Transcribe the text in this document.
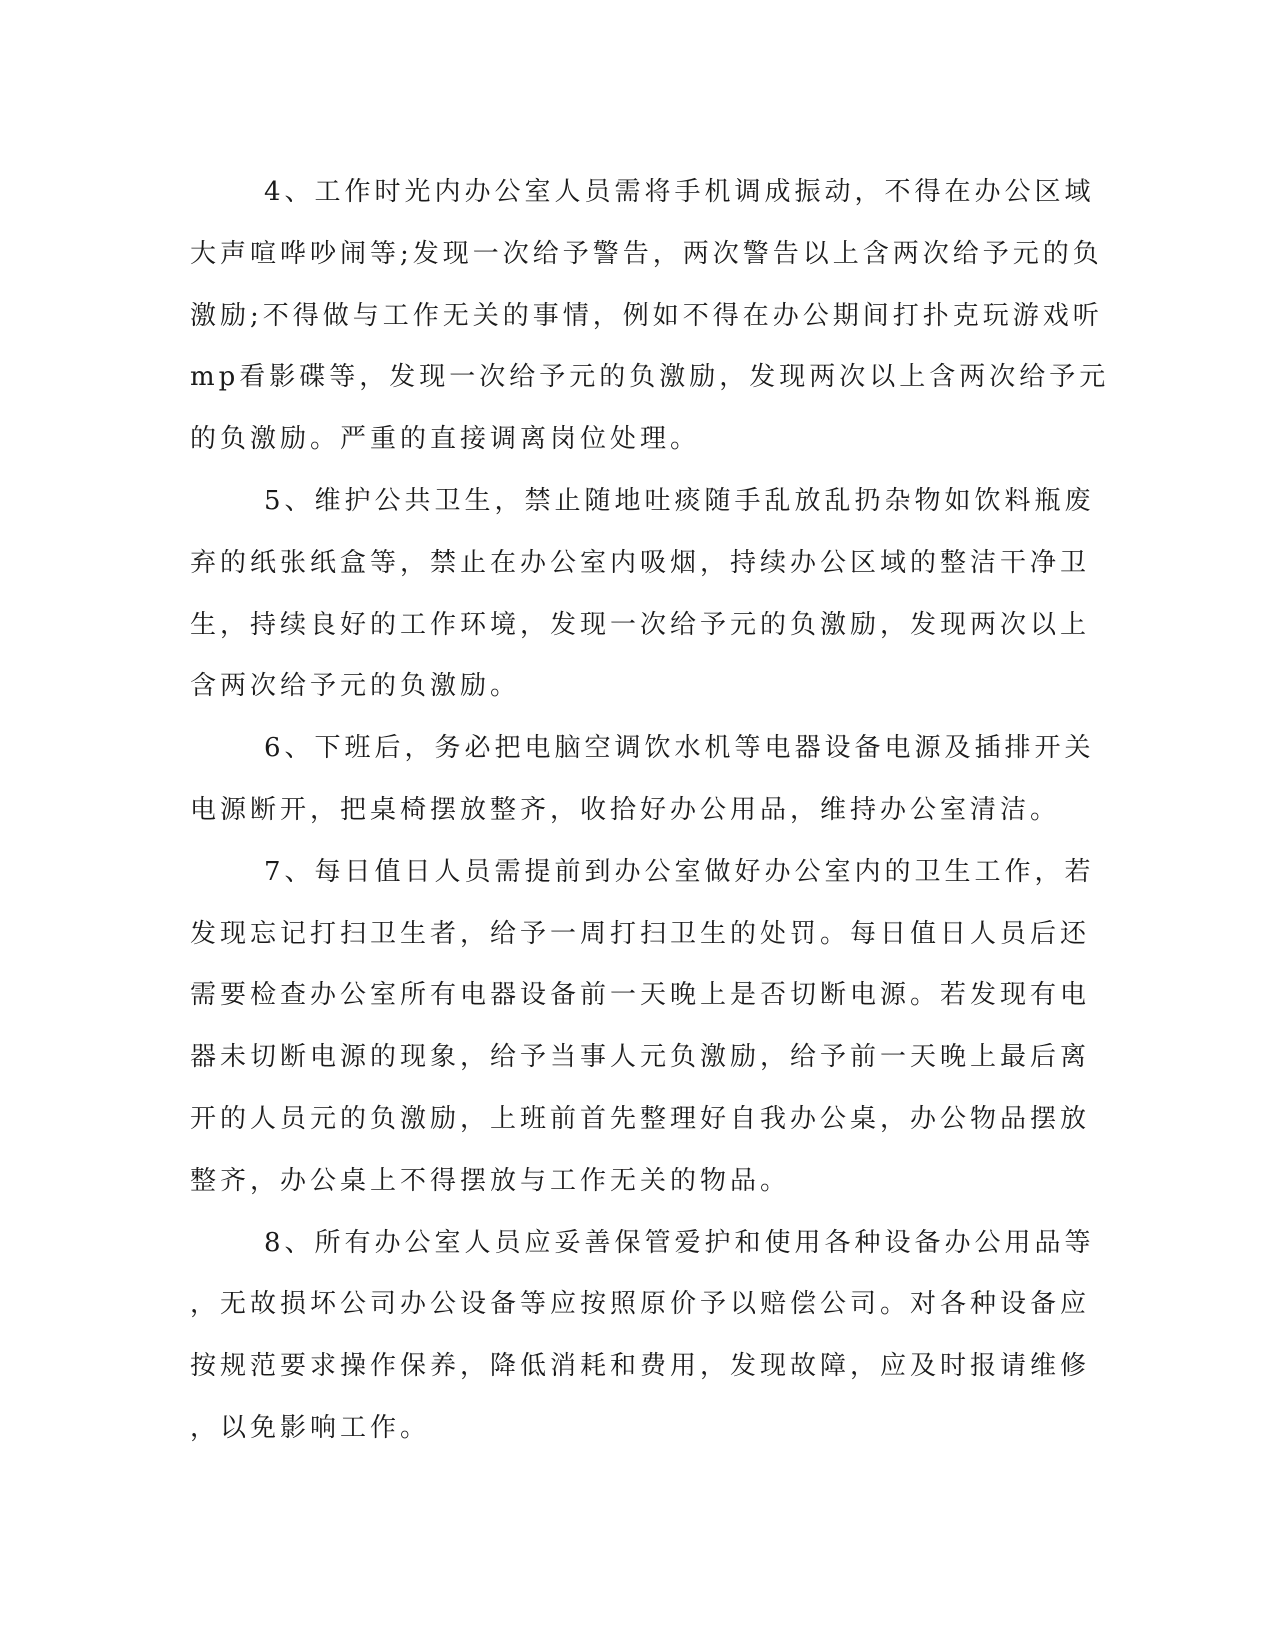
4、工作时光内办公室人员需将手机调成振动，不得在办公区域
大声喧哗吵闹等;发现一次给予警告，两次警告以上含两次给予元的负
激励;不得做与工作无关的事情，例如不得在办公期间打扑克玩游戏听
mp看影碟等，发现一次给予元的负激励，发现两次以上含两次给予元
的负激励。严重的直接调离岗位处理。
5、维护公共卫生，禁止随地吐痰随手乱放乱扔杂物如饮料瓶废
弃的纸张纸盒等，禁止在办公室内吸烟，持续办公区域的整洁干净卫
生，持续良好的工作环境，发现一次给予元的负激励，发现两次以上
含两次给予元的负激励。
6、下班后，务必把电脑空调饮水机等电器设备电源及插排开关
电源断开，把桌椅摆放整齐，收拾好办公用品，维持办公室清洁。
7、每日值日人员需提前到办公室做好办公室内的卫生工作，若
发现忘记打扫卫生者，给予一周打扫卫生的处罚。每日值日人员后还
需要检查办公室所有电器设备前一天晚上是否切断电源。若发现有电
器未切断电源的现象，给予当事人元负激励，给予前一天晚上最后离
开的人员元的负激励，上班前首先整理好自我办公桌，办公物品摆放
整齐，办公桌上不得摆放与工作无关的物品。
8、所有办公室人员应妥善保管爱护和使用各种设备办公用品等
，无故损坏公司办公设备等应按照原价予以赔偿公司。对各种设备应
按规范要求操作保养，降低消耗和费用，发现故障，应及时报请维修
，以免影响工作。
